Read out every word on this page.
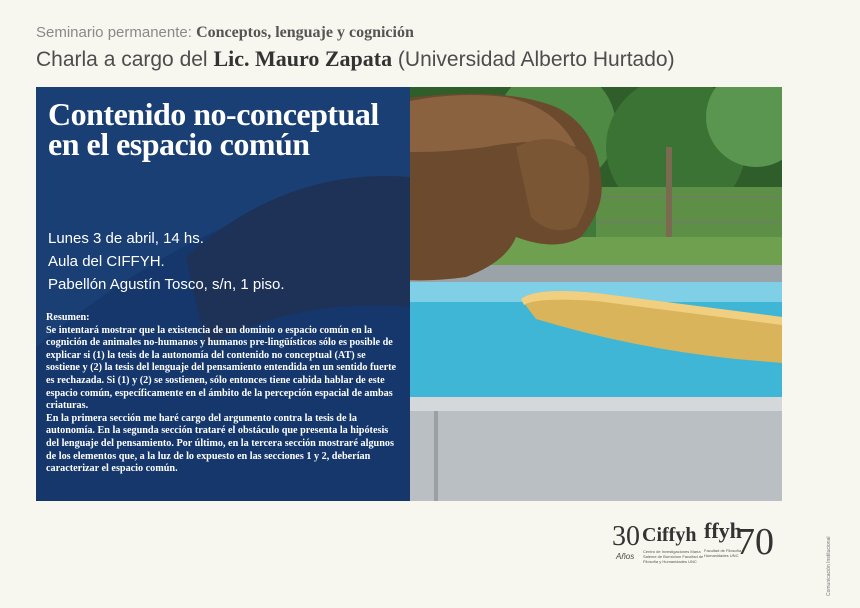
Seminario permanente: Conceptos, lenguaje y cognición
Charla a cargo del Lic. Mauro Zapata (Universidad Alberto Hurtado)
Contenido no-conceptual en el espacio común
Lunes 3 de abril, 14 hs.
Aula del CIFFYH.
Pabellón Agustín Tosco, s/n, 1 piso.

Resumen:

Se intentará mostrar que la existencia de un dominio o espacio común en la cognición de animales no-humanos y humanos pre-lingüísticos sólo es posible de explicar si (1) la tesis de la autonomía del contenido no conceptual (AT) se sostiene y (2) la tesis del lenguaje del pensamiento entendida en un sentido fuerte es rechazada. Si (1) y (2) se sostienen, sólo entonces tiene cabida hablar de este espacio común, específicamente en el ámbito de la percepción espacial de ambas criaturas.

En la primera sección me haré cargo del argumento contra la tesis de la autonomía. En la segunda sección trataré el obstáculo que presenta la hipótesis del lenguaje del pensamiento. Por último, en la tercera sección mostraré algunos de los elementos que, a la luz de lo expuesto en las secciones 1 y 2, deberían caracterizar el espacio común.

30
Años
Ciffyh
Centro de Investigaciones María Saleme de Burnichon Facultad de Filosofía y Humanidades UNC
ffyh
Facultad de Filosofía y Humanidades UNC
70	Comunicación Institucional
